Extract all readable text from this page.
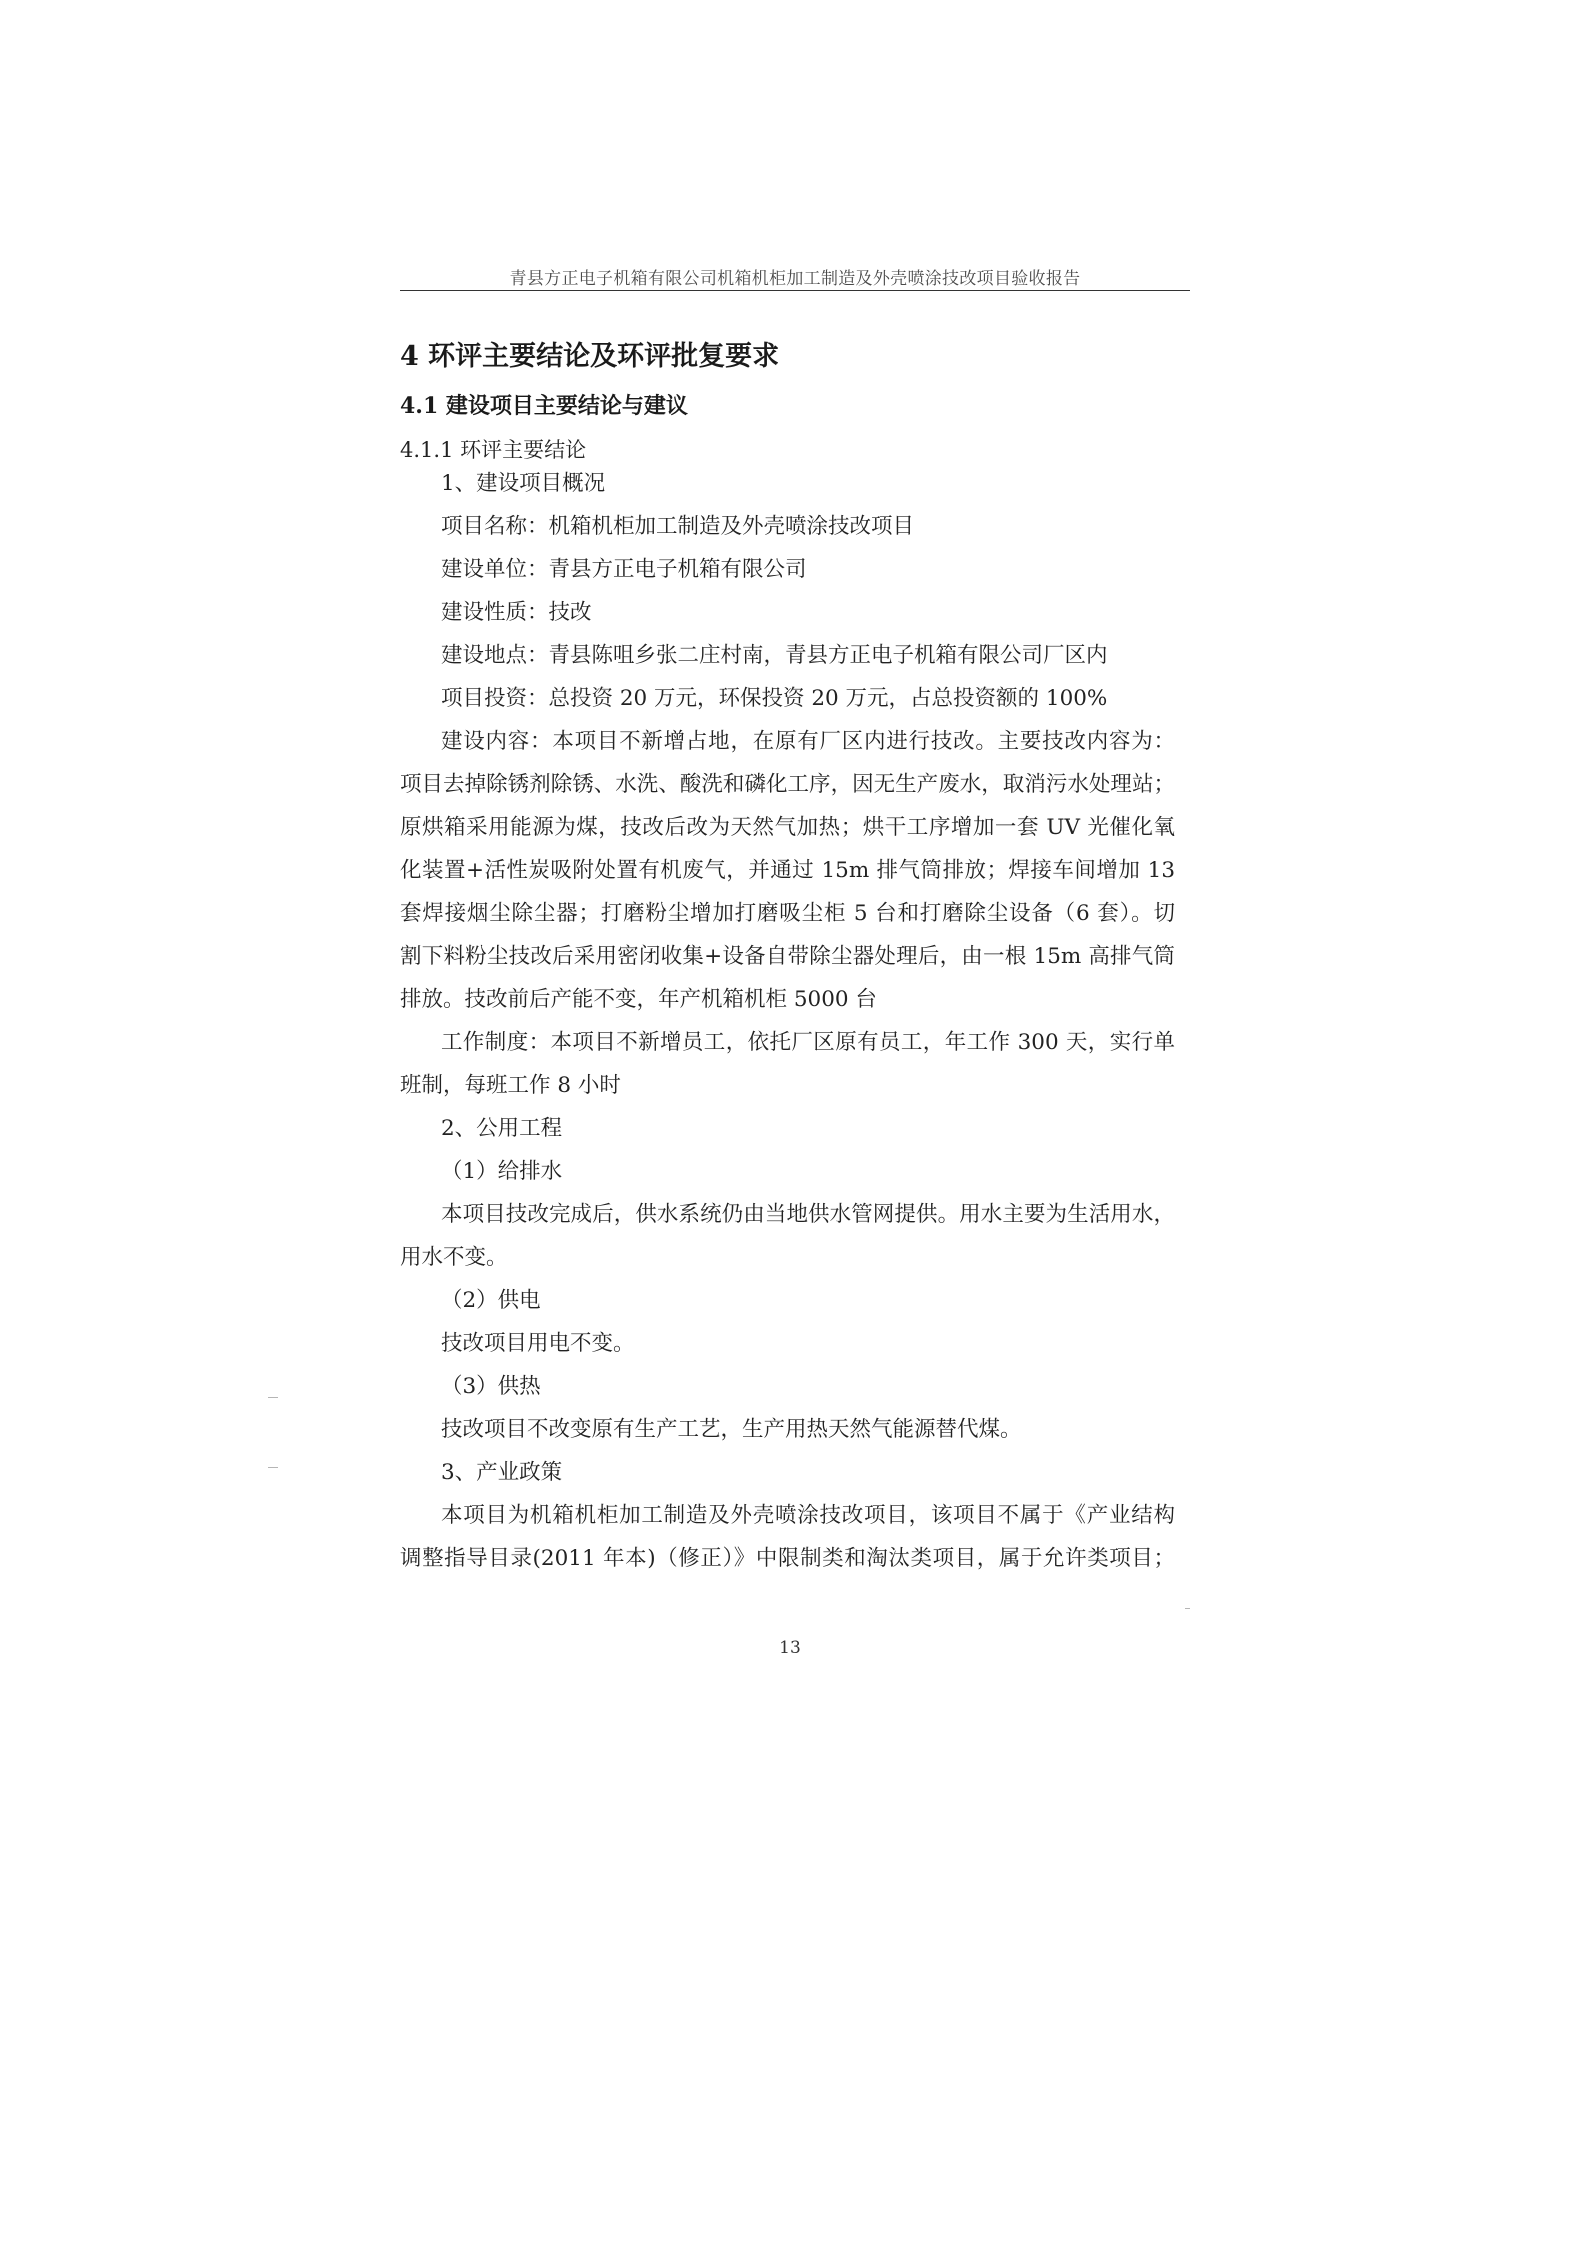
青县方正电子机箱有限公司机箱机柜加工制造及外壳喷涂技改项目验收报告
4 环评主要结论及环评批复要求
4.1 建设项目主要结论与建议
4.1.1 环评主要结论
1、建设项目概况
项目名称：机箱机柜加工制造及外壳喷涂技改项目
建设单位：青县方正电子机箱有限公司
建设性质：技改
建设地点：青县陈咀乡张二庄村南，青县方正电子机箱有限公司厂区内
项目投资：总投资 20 万元，环保投资 20 万元，占总投资额的 100%
建设内容：本项目不新增占地，在原有厂区内进行技改。主要技改内容为：
项目去掉除锈剂除锈、水洗、酸洗和磷化工序，因无生产废水，取消污水处理站；
原烘箱采用能源为煤，技改后改为天然气加热；烘干工序增加一套 UV 光催化氧
化装置+活性炭吸附处置有机废气，并通过 15m 排气筒排放；焊接车间增加 13
套焊接烟尘除尘器；打磨粉尘增加打磨吸尘柜 5 台和打磨除尘设备（6 套）。切
割下料粉尘技改后采用密闭收集+设备自带除尘器处理后，由一根 15m 高排气筒
排放。技改前后产能不变，年产机箱机柜 5000 台
工作制度：本项目不新增员工，依托厂区原有员工，年工作 300 天，实行单
班制，每班工作 8 小时
2、公用工程
（1）给排水
本项目技改完成后，供水系统仍由当地供水管网提供。用水主要为生活用水，
用水不变。
（2）供电
技改项目用电不变。
（3）供热
技改项目不改变原有生产工艺，生产用热天然气能源替代煤。
3、产业政策
本项目为机箱机柜加工制造及外壳喷涂技改项目，该项目不属于《产业结构
调整指导目录(2011 年本)（修正）》中限制类和淘汰类项目，属于允许类项目；
13
